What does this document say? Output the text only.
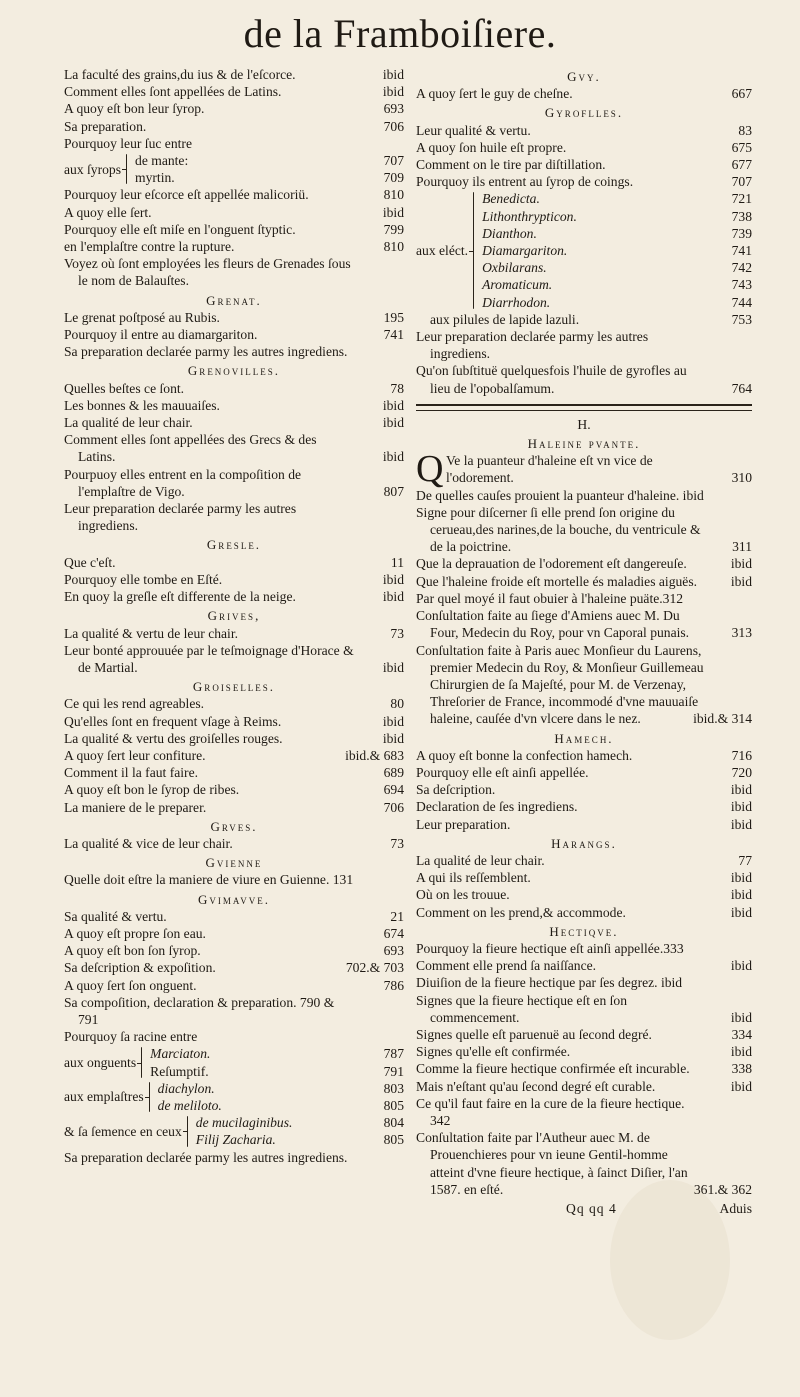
de la Framboiſiere.
La faculté des grains,du ius & de l'eſcorce.	ibid
Comment elles ſont appellées de Latins.	ibid
A quoy eſt bon leur ſyrop.	693
Sa preparation.	706
Pourquoy leur ſuc entre
aux ſyrops
de mante:	707
myrtin.	709
Pourquoy leur eſcorce eſt appellée malicoriü.	810
A quoy elle ſert.	ibid
Pourquoy elle eſt miſe en l'onguent ſtyptic.	799
en l'emplaſtre contre la rupture.	810
Voyez où ſont employées les fleurs de Grenades ſous le nom de Balauſtes.
Grenat.
Le grenat poſtposé au Rubis.	195
Pourquoy il entre au diamargariton.	741
Sa preparation declarée parmy les autres ingrediens.
Grenovilles.
Quelles beſtes ce ſont.	78
Les bonnes & les mauuaiſes.	ibid
La qualité de leur chair.	ibid
Comment elles ſont appellées des Grecs & des Latins.	ibid
Pourpuoy elles entrent en la compoſition de l'emplaſtre de Vigo.	807
Leur preparation declarée parmy les autres ingrediens.
Gresle.
Que c'eſt.	11
Pourquoy elle tombe en Eſté.	ibid
En quoy la greſle eſt differente de la neige.	ibid
Grives,
La qualité & vertu de leur chair.	73
Leur bonté approuuée par le teſmoignage d'Horace & de Martial.	ibid
Groiselles.
Ce qui les rend agreables.	80
Qu'elles ſont en frequent vſage à Reims.	ibid
La qualité & vertu des groiſelles rouges.	ibid
A quoy ſert leur confiture.	ibid.& 683
Comment il la faut faire.	689
A quoy eſt bon le ſyrop de ribes.	694
La maniere de le preparer.	706
Grves.
La qualité & vice de leur chair.	73
Gvienne
Quelle doit eſtre la maniere de viure en Guienne. 131
Gvimavve.
Sa qualité & vertu.	21
A quoy eſt propre ſon eau.	674
A quoy eſt bon ſon ſyrop.	693
Sa deſcription & expoſition.	702.& 703
A quoy ſert ſon onguent.	786
Sa compoſition, declaration & preparation. 790 & 791
Pourquoy ſa racine entre
aux onguents
Marciaton.	787
Reſumptif.	791
aux emplaſtres
diachylon.	803
de meliloto.	805
& ſa ſemence en ceux
de mucilaginibus.	804
Filij Zacharia.	805
Sa preparation declarée parmy les autres ingrediens.
Gvy.
A quoy ſert le guy de cheſne.	667
Gyroflles.
Leur qualité & vertu.	83
A quoy ſon huile eſt propre.	675
Comment on le tire par diſtillation.	677
Pourquoy ils entrent au ſyrop de coings.	707
aux eléct.
Benedicta.	721
Lithonthrypticon.	738
Dianthon.	739
Diamargariton.	741
Oxbilarans.	742
Aromaticum.	743
Diarrhodon.	744
aux pilules de lapide lazuli.	753
Leur preparation declarée parmy les autres ingrediens.
Qu'on ſubſtituë quelquesfois l'huile de gyrofles au lieu de l'opobalſamum.	764
H.
Haleine pvante.
Q Ve la puanteur d'haleine eſt vn vice de l'odorement.	310
De quelles cauſes prouient la puanteur d'haleine. ibid
Signe pour diſcerner ſi elle prend ſon origine du cerueau,des narines,de la bouche, du ventricule & de la poictrine.	311
Que la deprauation de l'odorement eſt dangereuſe.	ibid
Que l'haleine froide eſt mortelle és maladies aiguës. ibid
Par quel moyé il faut obuier à l'haleine puäte.312
Conſultation faite au ſiege d'Amiens auec M. Du Four, Medecin du Roy, pour vn Caporal punais.	313
Conſultation faite à Paris auec Monſieur du Laurens, premier Medecin du Roy, & Monſieur Guillemeau Chirurgien de ſa Majeſté, pour M. de Verzenay, Threſorier de France, incommodé d'vne mauuaiſe haleine, cauſée d'vn vlcere dans le nez.	ibid.& 314
Hamech.
A quoy eſt bonne la confection hamech.	716
Pourquoy elle eſt ainſi appellée.	720
Sa deſcription.	ibid
Declaration de ſes ingrediens.	ibid
Leur preparation.	ibid
Harangs.
La qualité de leur chair.	77
A qui ils reſſemblent.	ibid
Où on les trouue.	ibid
Comment on les prend,& accommode.	ibid
Hectiqve.
Pourquoy la fieure hectique eſt ainſi appellée.333
Comment elle prend ſa naiſſance.	ibid
Diuiſion de la fieure hectique par ſes degrez. ibid
Signes que la fieure hectique eſt en ſon commencement.	ibid
Signes quelle eſt paruenuë au ſecond degré.	334
Signes qu'elle eſt confirmée.	ibid
Comme la fieure hectique confirmée eſt incurable.	338
Mais n'eſtant qu'au ſecond degré eſt curable.	ibid
Ce qu'il faut faire en la cure de la fieure hectique. 342
Conſultation faite par l'Autheur auec M. de Prouenchieres pour vn ieune Gentil-homme atteint d'vne fieure hectique, à ſainct Diſier, l'an 1587. en eſté.	361.& 362
Qq qq 4	Aduis
